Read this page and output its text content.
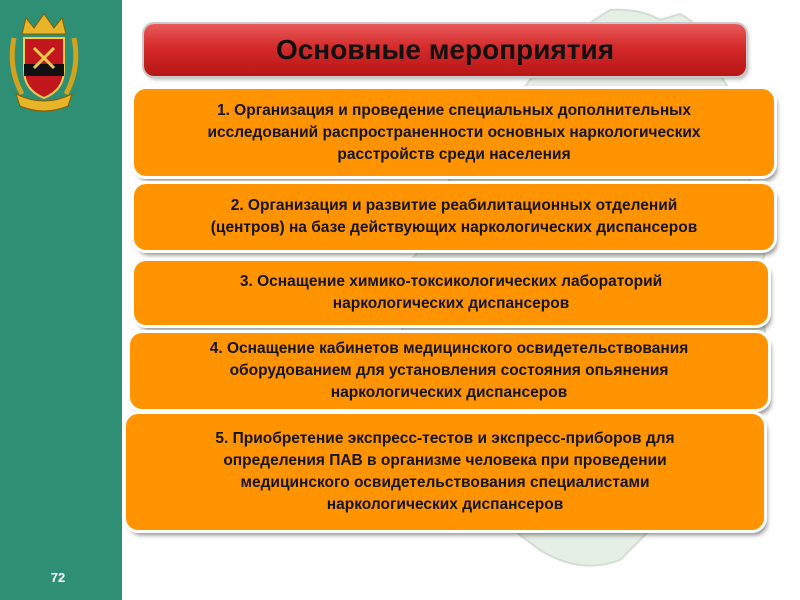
Основные мероприятия
1. Организация и проведение специальных дополнительных
исследований распространенности основных наркологических
расстройств среди населения
2. Организация и развитие реабилитационных отделений
(центров) на базе действующих наркологических диспансеров
3. Оснащение химико-токсикологических лабораторий
наркологических диспансеров
4. Оснащение кабинетов медицинского освидетельствования
оборудованием для установления состояния опьянения
наркологических диспансеров
5. Приобретение экспресс-тестов и экспресс-приборов для
определения ПАВ в организме человека при проведении
медицинского освидетельствования специалистами
наркологических диспансеров
72
